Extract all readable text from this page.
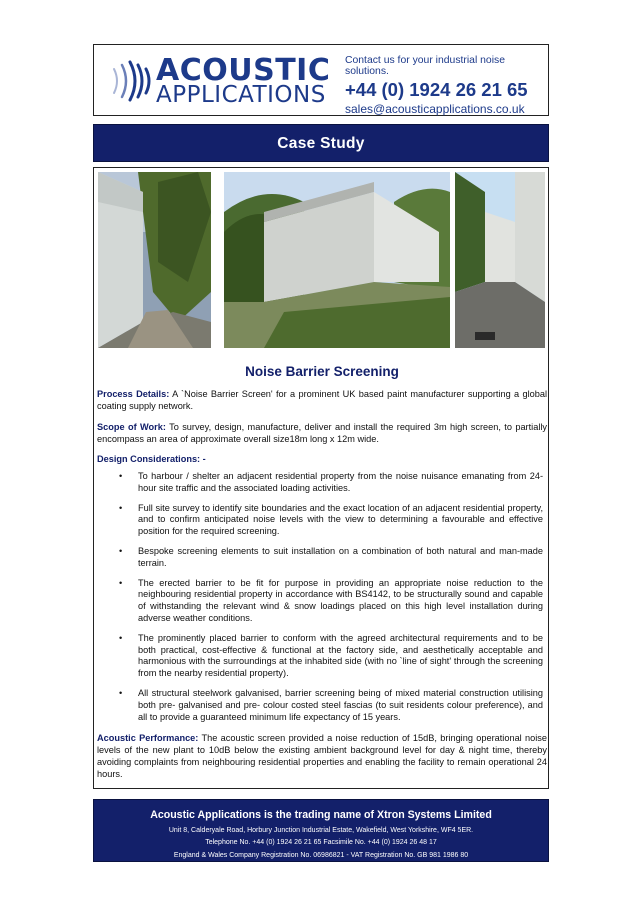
ACOUSTIC
APPLICATIONS
Contact us for your industrial noise solutions.
+44 (0) 1924 26 21 65
sales@acousticapplications.co.uk
Case Study
Noise Barrier Screening

Process Details: A `Noise Barrier Screen' for a prominent UK based paint manufacturer supporting a global coating supply network.

Scope of Work: To survey, design, manufacture, deliver and install the required 3m high screen, to partially encompass an area of approximate overall size18m long x 12m wide.

Design Considerations: -
• To harbour / shelter an adjacent residential property from the noise nuisance emanating from 24-hour site traffic and the associated loading activities.
• Full site survey to identify site boundaries and the exact location of an adjacent residential property, and to confirm anticipated noise levels with the view to determining a favourable and effective position for the required screening.
• Bespoke screening elements to suit installation on a combination of both natural and man-made terrain.
• The erected barrier to be fit for purpose in providing an appropriate noise reduction to the neighbouring residential property in accordance with BS4142, to be structurally sound and capable of withstanding the relevant wind & snow loadings placed on this high level installation during adverse weather conditions.
• The prominently placed barrier to conform with the agreed architectural requirements and to be both practical, cost-effective & functional at the factory side, and aesthetically acceptable and harmonious with the surroundings at the inhabited side (with no `line of sight' through the screening from the nearby residential property).
• All structural steelwork galvanised, barrier screening being of mixed material construction utilising both pre- galvanised and pre- colour costed steel fascias (to suit residents colour preference), and all to provide a guaranteed minimum life expectancy of 15 years.

Acoustic Performance: The acoustic screen provided a noise reduction of 15dB, bringing operational noise levels of the new plant to 10dB below the existing ambient background level for day & night time, thereby avoiding complaints from neighbouring residential properties and enabling the facility to remain operational 24 hours.

Acoustic Applications is the trading name of Xtron Systems Limited
Unit 8, Calderyale Road, Horbury Junction Industrial Estate, Wakefield, West Yorkshire, WF4 5ER.
Telephone No. +44 (0) 1924 26 21 65 Facsimile No. +44 (0) 1924 26 48 17
England & Wales Company Registration No. 06986821 - VAT Registration No. GB 981 1986 80
